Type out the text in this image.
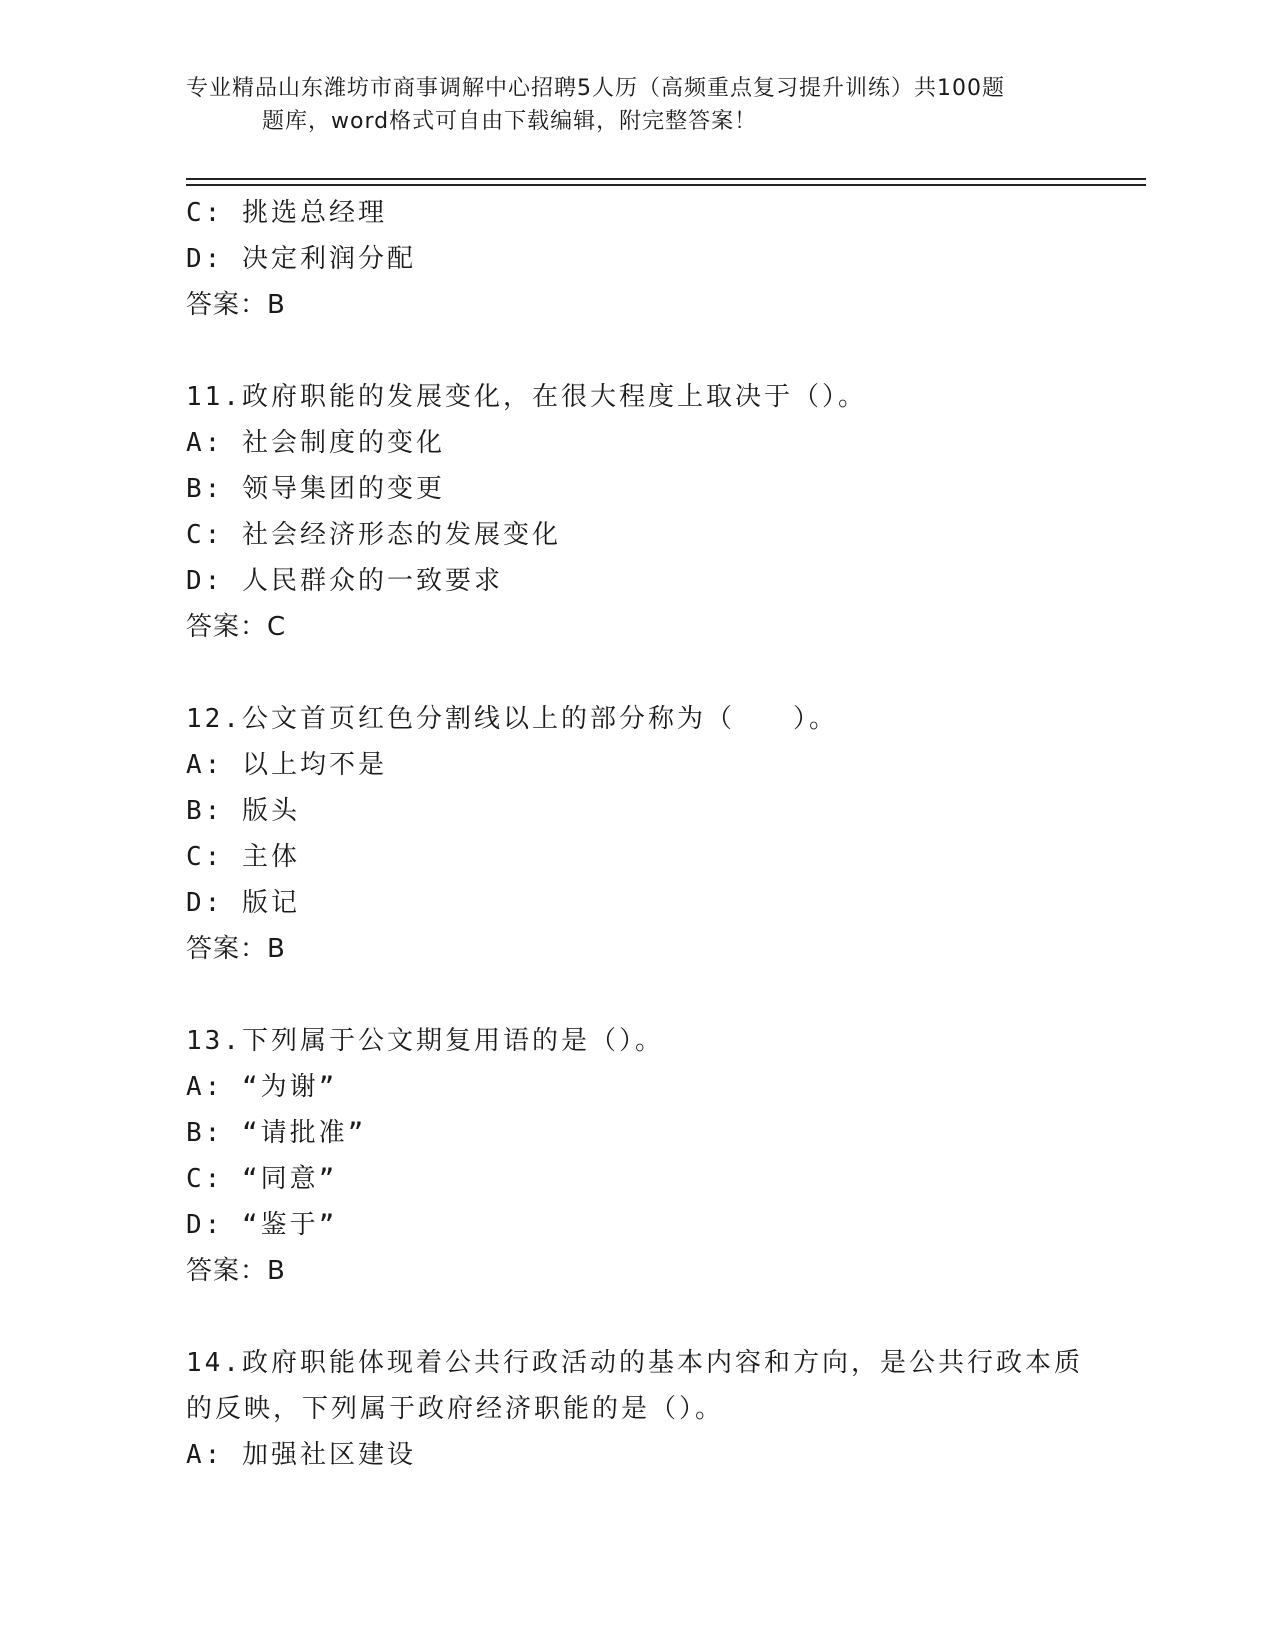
专业精品山东潍坊市商事调解中心招聘5人历（高频重点复习提升训练）共100题
题库，word格式可自由下载编辑，附完整答案！
C: 挑选总经理
D: 决定利润分配
答案：B
11.政府职能的发展变化，在很大程度上取决于（）。
A: 社会制度的变化
B: 领导集团的变更
C: 社会经济形态的发展变化
D: 人民群众的一致要求
答案：C
12.公文首页红色分割线以上的部分称为（　　）。
A: 以上均不是
B: 版头
C: 主体
D: 版记
答案：B
13.下列属于公文期复用语的是（）。
A: “为谢”
B: “请批准”
C: “同意”
D: “鉴于”
答案：B
14.政府职能体现着公共行政活动的基本内容和方向，是公共行政本质
的反映，下列属于政府经济职能的是（）。
A: 加强社区建设
